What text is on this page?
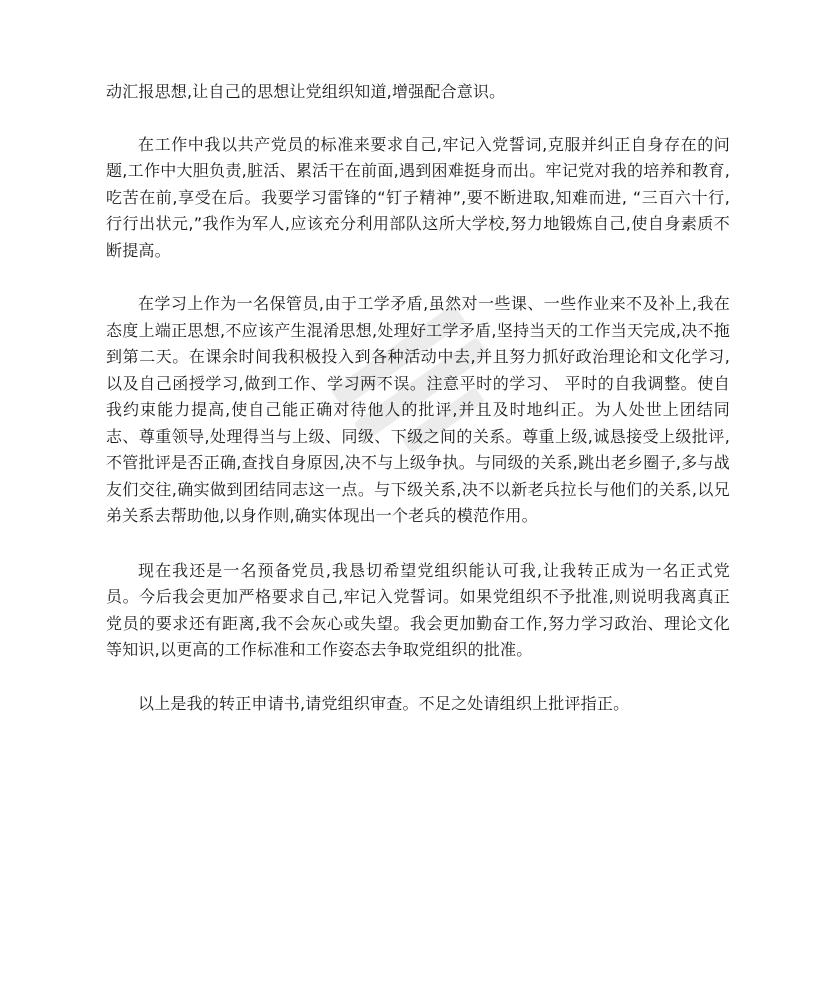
动汇报思想,让自己的思想让党组织知道,增强配合意识。

在工作中我以共产党员的标准来要求自己,牢记入党誓词,克服并纠正自身存在的问题,工作中大胆负责,脏活、累活干在前面,遇到困难挺身而出。牢记党对我的培养和教育,吃苦在前,享受在后。我要学习雷锋的“钉子精神”,要不断进取,知难而进, “三百六十行,行行出状元,”我作为军人,应该充分利用部队这所大学校,努力地锻炼自己,使自身素质不断提高。

在学习上作为一名保管员,由于工学矛盾,虽然对一些课、一些作业来不及补上,我在态度上端正思想,不应该产生混淆思想,处理好工学矛盾,坚持当天的工作当天完成,决不拖到第二天。在课余时间我积极投入到各种活动中去,并且努力抓好政治理论和文化学习,以及自己函授学习,做到工作、学习两不误。注意平时的学习、 平时的自我调整。使自我约束能力提高,使自己能正确对待他人的批评,并且及时地纠正。为人处世上团结同志、尊重领导,处理得当与上级、同级、下级之间的关系。尊重上级,诚恳接受上级批评,不管批评是否正确,查找自身原因,决不与上级争执。与同级的关系,跳出老乡圈子,多与战友们交往,确实做到团结同志这一点。与下级关系,决不以新老兵拉长与他们的关系,以兄弟关系去帮助他,以身作则,确实体现出一个老兵的模范作用。

现在我还是一名预备党员,我恳切希望党组织能认可我,让我转正成为一名正式党员。今后我会更加严格要求自己,牢记入党誓词。如果党组织不予批准,则说明我离真正党员的要求还有距离,我不会灰心或失望。我会更加勤奋工作,努力学习政治、理论文化等知识,以更高的工作标准和工作姿态去争取党组织的批准。

以上是我的转正申请书,请党组织审查。不足之处请组织上批评指正。
